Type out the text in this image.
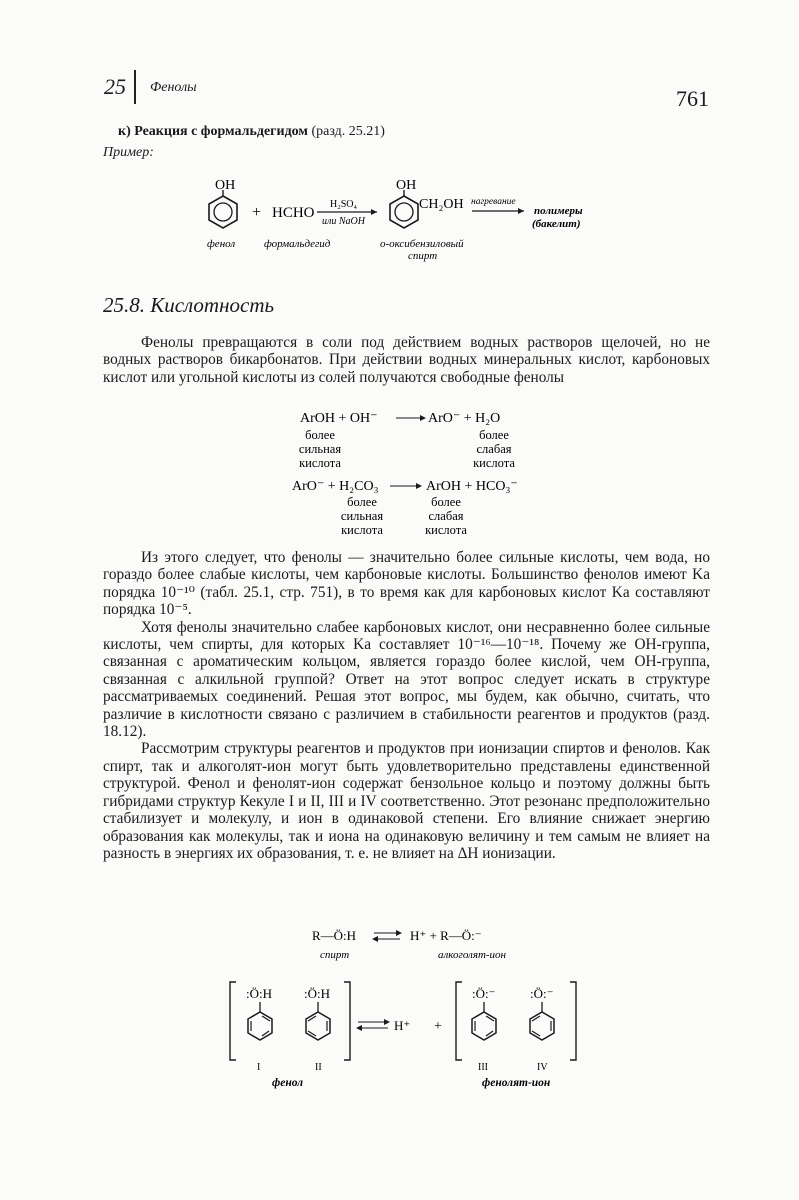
25 Фенолы	761
к) Реакция с формальдегидом (разд. 25.21)
Пример:
OH
+ HCHO
H₂SO₄
или NaOH
OH
CH₂OH нагревание
полимеры
(бакелит)
фенол	формальдегид	о-оксибензиловый
спирт
25.8. Кислотность

Фенолы превращаются в соли под действием водных растворов щелочей, но не водных растворов бикарбонатов. При действии водных минеральных кислот, карбоновых кислот или угольной кислоты из солей получаются свободные фенолы

ArOH + OH⁻	ArO⁻ + H₂O
более
сильная
кислота
более
слабая
кислота
ArO⁻ + H₂CO₃	ArOH + HCO₃⁻
более
сильная
кислота
более
слабая
кислота

Из этого следует, что фенолы — значительно более сильные кислоты, чем вода, но гораздо более слабые кислоты, чем карбоновые кислоты. Большинство фенолов имеют Ka порядка 10⁻¹⁰ (табл. 25.1, стр. 751), в то время как для карбоновых кислот Ka составляют порядка 10⁻⁵.

Хотя фенолы значительно слабее карбоновых кислот, они несравненно более сильные кислоты, чем спирты, для которых Ka составляет 10⁻¹⁶—10⁻¹⁸. Почему же OH-группа, связанная с ароматическим кольцом, является гораздо более кислой, чем OH-группа, связанная с алкильной группой? Ответ на этот вопрос следует искать в структуре рассматриваемых соединений. Решая этот вопрос, мы будем, как обычно, считать, что различие в кислотности связано с различием в стабильности реагентов и продуктов (разд. 18.12).

Рассмотрим структуры реагентов и продуктов при ионизации спиртов и фенолов. Как спирт, так и алкоголят-ион могут быть удовлетворительно представлены единственной структурой. Фенол и фенолят-ион содержат бензольное кольцо и поэтому должны быть гибридами структур Кекуле I и II, III и IV соответственно. Этот резонанс предположительно стабилизует и молекулу, и ион в одинаковой степени. Его влияние снижает энергию образования как молекулы, так и иона на одинаковую величину и тем самым не влияет на разность в энергиях их образования, т. е. не влияет на ΔH ионизации.

R—Ö:H	H⁺ + R—Ö:⁻
спирт	алкоголят-ион
:Ö:H
I
:Ö:H
II
H⁺ +
:Ö:⁻
III
:Ö:⁻
IV
фенол	фенолят-ион
